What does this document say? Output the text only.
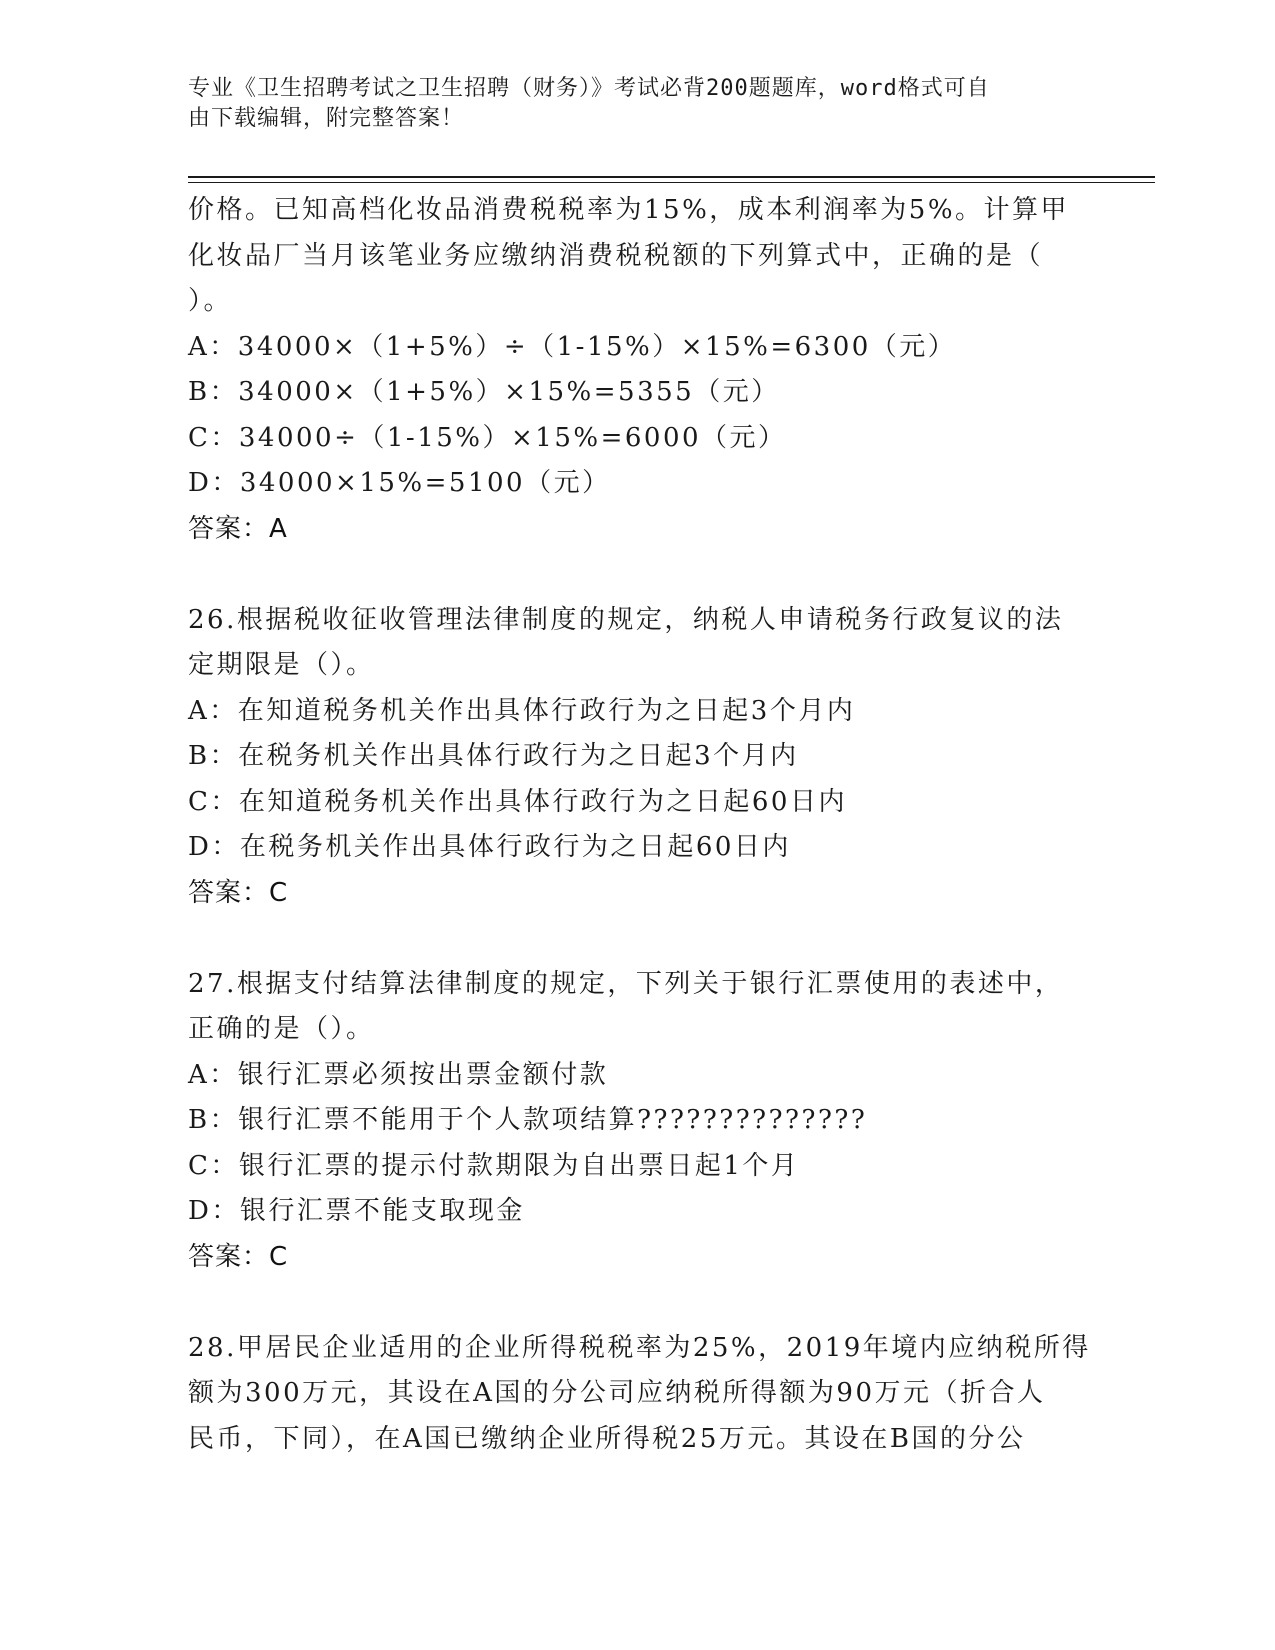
专业《卫生招聘考试之卫生招聘（财务）》考试必背200题题库，word格式可自
由下载编辑，附完整答案！
价格。已知高档化妆品消费税税率为15%，成本利润率为5%。计算甲
化妆品厂当月该笔业务应缴纳消费税税额的下列算式中，正确的是（
）。
A：34000×（1+5%）÷（1-15%）×15%=6300（元）
B：34000×（1+5%）×15%=5355（元）
C：34000÷（1-15%）×15%=6000（元）
D：34000×15%=5100（元）
答案：A
26.根据税收征收管理法律制度的规定，纳税人申请税务行政复议的法
定期限是（）。
A：在知道税务机关作出具体行政行为之日起3个月内
B：在税务机关作出具体行政行为之日起3个月内
C：在知道税务机关作出具体行政行为之日起60日内
D：在税务机关作出具体行政行为之日起60日内
答案：C
27.根据支付结算法律制度的规定，下列关于银行汇票使用的表述中，
正确的是（）。
A：银行汇票必须按出票金额付款
B：银行汇票不能用于个人款项结算??????????????
C：银行汇票的提示付款期限为自出票日起1个月
D：银行汇票不能支取现金
答案：C
28.甲居民企业适用的企业所得税税率为25%，2019年境内应纳税所得
额为300万元，其设在A国的分公司应纳税所得额为90万元（折合人
民币，下同），在A国已缴纳企业所得税25万元。其设在B国的分公
